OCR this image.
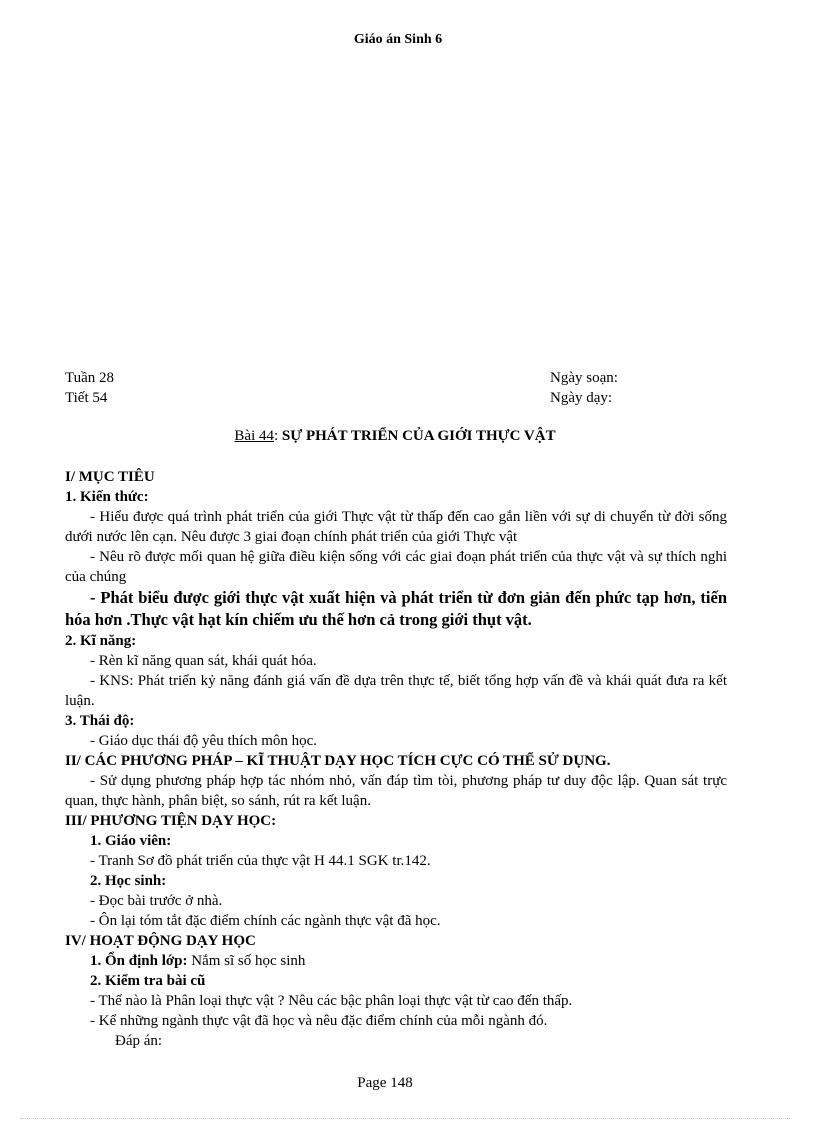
Giáo án Sinh 6
Tuần 28
Tiết 54
Ngày soạn:
Ngày dạy:
Bài 44: SỰ PHÁT TRIỂN CỦA GIỚI THỰC VẬT

I/ MỤC TIÊU

1. Kiến thức:

- Hiểu được quá trình phát triển của giới Thực vật từ thấp đến cao gắn liền với sự di chuyển từ đời sống dưới nước lên cạn. Nêu được 3 giai đoạn chính phát triển của giới Thực vật

- Nêu rõ được mối quan hệ giữa điều kiện sống với các giai đoạn phát triển của thực vật và sự thích nghi của chúng

- Phát biểu được giới thực vật xuất hiện và phát triển từ đơn giản đến phức tạp hơn, tiến hóa hơn .Thực vật hạt kín chiếm ưu thế hơn cả trong giới thụt vật.

2. Kĩ năng:

- Rèn kĩ năng quan sát, khái quát hóa.

- KNS: Phát triển kỷ năng đánh giá vấn đề dựa trên thực tế, biết tổng hợp vấn đề và khái quát đưa ra kết luận.

3. Thái độ:

- Giáo dục thái độ yêu thích môn học.

II/ CÁC PHƯƠNG PHÁP – KĨ THUẬT DẠY HỌC TÍCH CỰC CÓ THỂ SỬ DỤNG.

- Sử dụng phương pháp hợp tác nhóm nhỏ, vấn đáp tìm tòi, phương pháp tư duy độc lập. Quan sát trực quan, thực hành, phân biệt, so sánh, rút ra kết luận.

III/ PHƯƠNG TIỆN DẠY HỌC:

1. Giáo viên:

- Tranh Sơ đồ phát triển của thực vật H 44.1 SGK tr.142.

2. Học sinh:

- Đọc bài trước ở nhà.

- Ôn lại tóm tắt đặc điểm chính các ngành thực vật đã học.

IV/ HOẠT ĐỘNG DẠY HỌC

1. Ổn định lớp: Nắm sĩ số học sinh

2. Kiểm tra bài cũ

- Thế nào là Phân loại thực vật ? Nêu các bậc phân loại thực vật từ cao đến thấp.

- Kể những ngành thực vật đã học và nêu đặc điểm chính của mỗi ngành đó.

Đáp án:

Page 148
